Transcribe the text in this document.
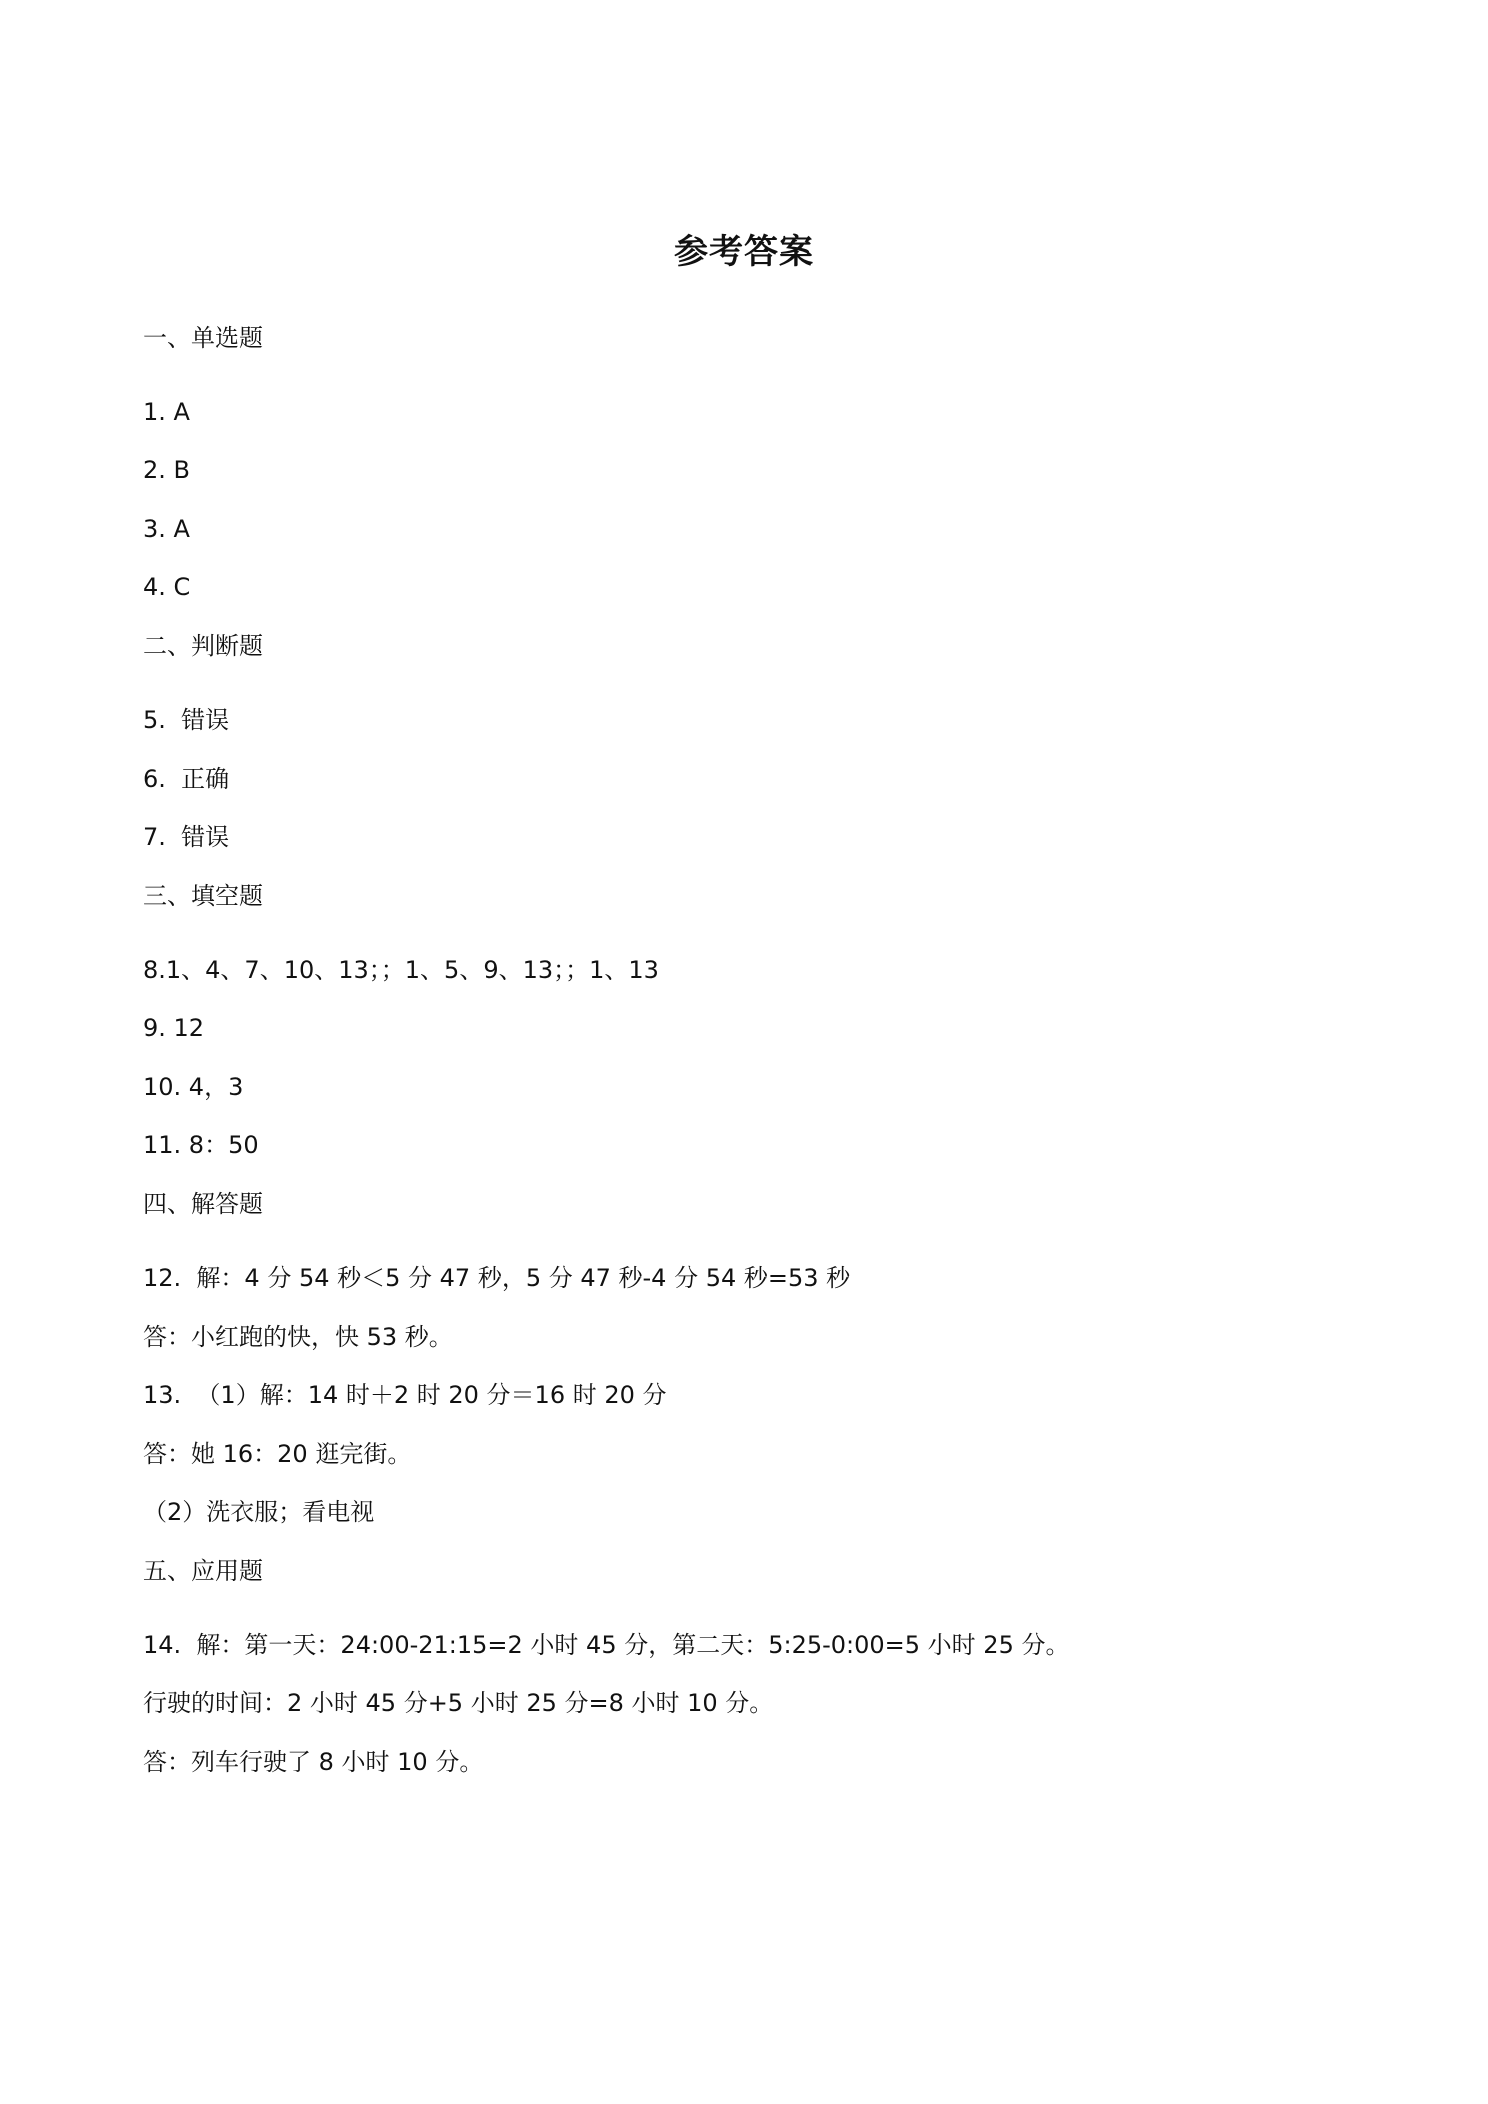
参考答案
一、单选题
1. A
2. B
3. A
4. C
二、判断题
5.  错误
6.  正确
7.  错误
三、填空题
8.1、4、7、10、13；；1、5、9、13；；1、13
9. 12
10. 4，3
11. 8：50
四、解答题
12.  解：4 分 54 秒＜5 分 47 秒，5 分 47 秒-4 分 54 秒=53 秒
答：小红跑的快，快 53 秒。
13.  （1）解：14 时＋2 时 20 分＝16 时 20 分
答：她 16：20 逛完街。
（2）洗衣服；看电视
五、应用题
14.  解：第一天：24:00-21:15=2 小时 45 分，第二天：5:25-0:00=5 小时 25 分。
行驶的时间：2 小时 45 分+5 小时 25 分=8 小时 10 分。
答：列车行驶了 8 小时 10 分。
